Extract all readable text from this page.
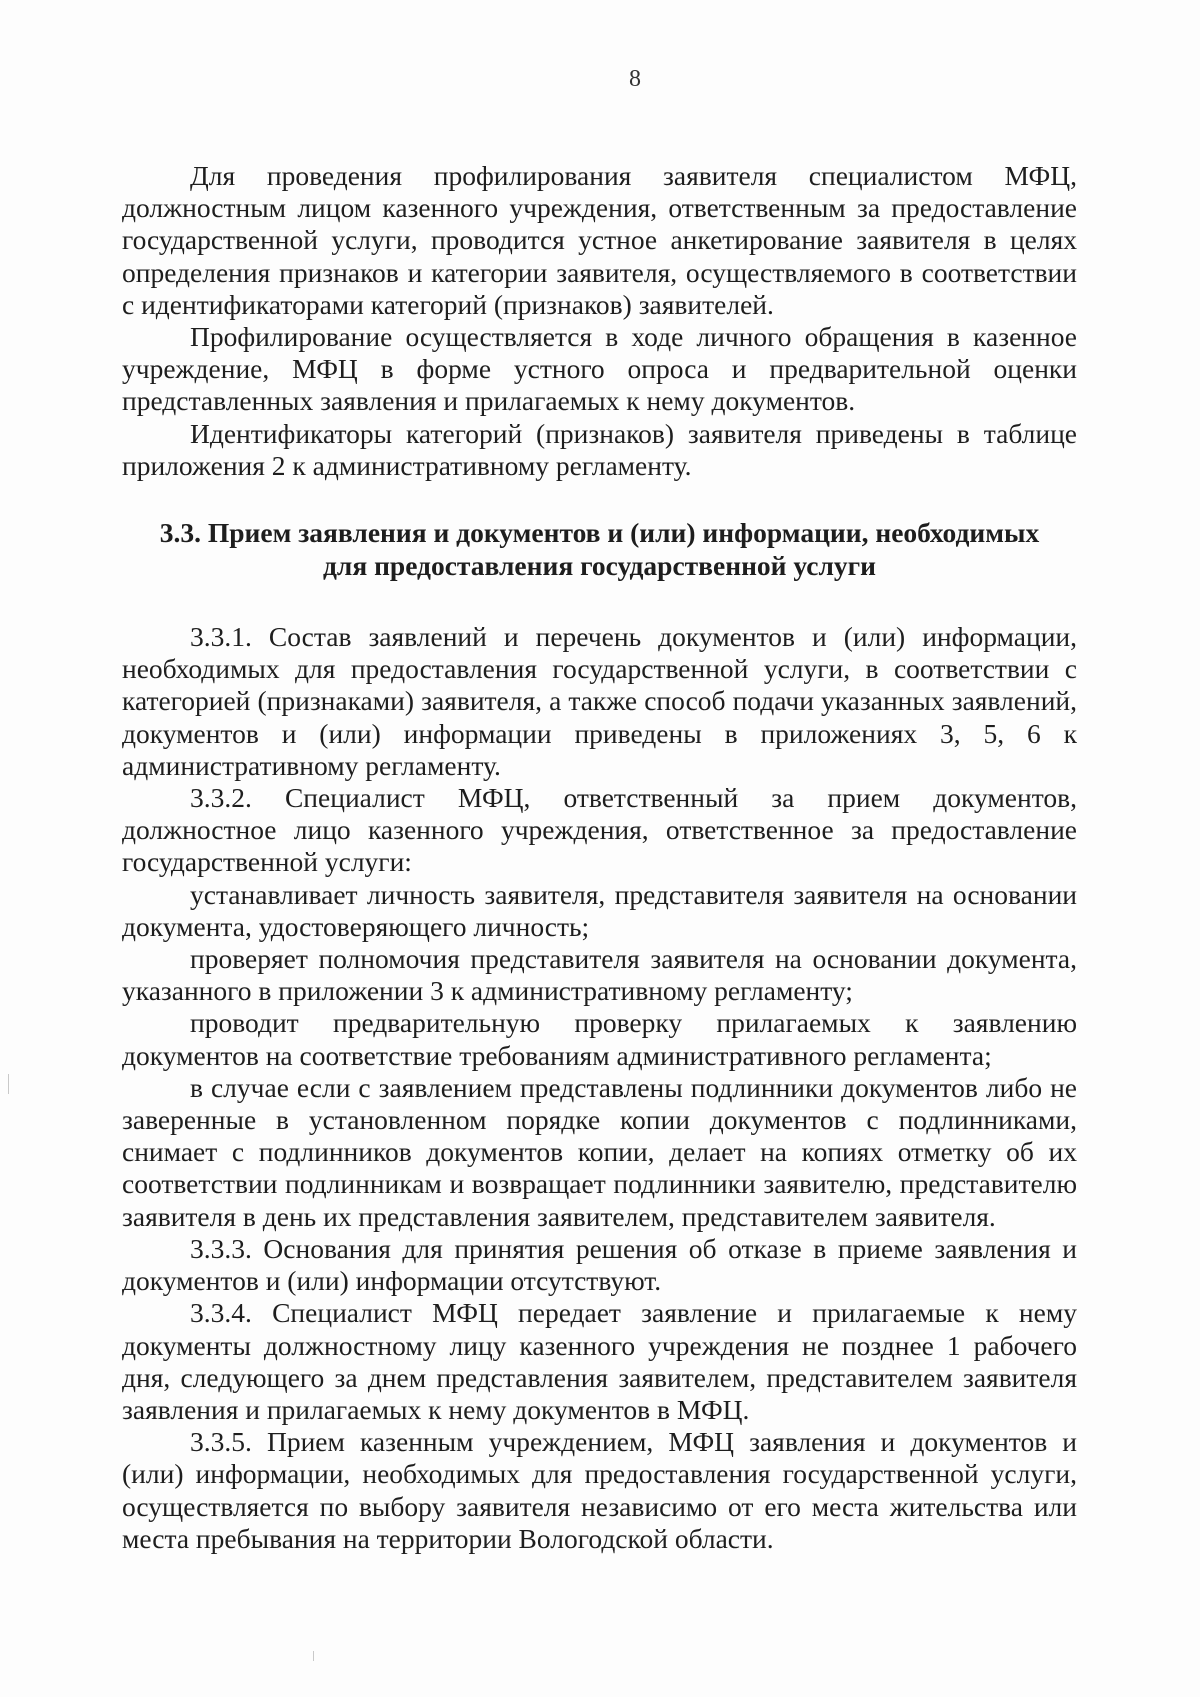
8

Для проведения профилирования заявителя специалистом МФЦ, должностным лицом казенного учреждения, ответственным за предоставление государственной услуги, проводится устное анкетирование заявителя в целях определения признаков и категории заявителя, осуществляемого в соответствии с идентификаторами категорий (признаков) заявителей.

Профилирование осуществляется в ходе личного обращения в казенное учреждение, МФЦ в форме устного опроса и предварительной оценки представленных заявления и прилагаемых к нему документов.

Идентификаторы категорий (признаков) заявителя приведены в таблице приложения 2 к административному регламенту.

3.3. Прием заявления и документов и (или) информации, необходимых
для предоставления государственной услуги

3.3.1. Состав заявлений и перечень документов и (или) информации, необходимых для предоставления государственной услуги, в соответствии с категорией (признаками) заявителя, а также способ подачи указанных заявлений, документов и (или) информации приведены в приложениях 3, 5, 6 к административному регламенту.

3.3.2. Специалист МФЦ, ответственный за прием документов, должностное лицо казенного учреждения, ответственное за предоставление государственной услуги:

устанавливает личность заявителя, представителя заявителя на основании документа, удостоверяющего личность;

проверяет полномочия представителя заявителя на основании документа, указанного в приложении 3 к административному регламенту;

проводит предварительную проверку прилагаемых к заявлению документов на соответствие требованиям административного регламента;

в случае если с заявлением представлены подлинники документов либо не заверенные в установленном порядке копии документов с подлинниками, снимает с подлинников документов копии, делает на копиях отметку об их соответствии подлинникам и возвращает подлинники заявителю, представителю заявителя в день их представления заявителем, представителем заявителя.

3.3.3. Основания для принятия решения об отказе в приеме заявления и документов и (или) информации отсутствуют.

3.3.4. Специалист МФЦ передает заявление и прилагаемые к нему документы должностному лицу казенного учреждения не позднее 1 рабочего дня, следующего за днем представления заявителем, представителем заявителя заявления и прилагаемых к нему документов в МФЦ.

3.3.5. Прием казенным учреждением, МФЦ заявления и документов и (или) информации, необходимых для предоставления государственной услуги, осуществляется по выбору заявителя независимо от его места жительства или места пребывания на территории Вологодской области.
